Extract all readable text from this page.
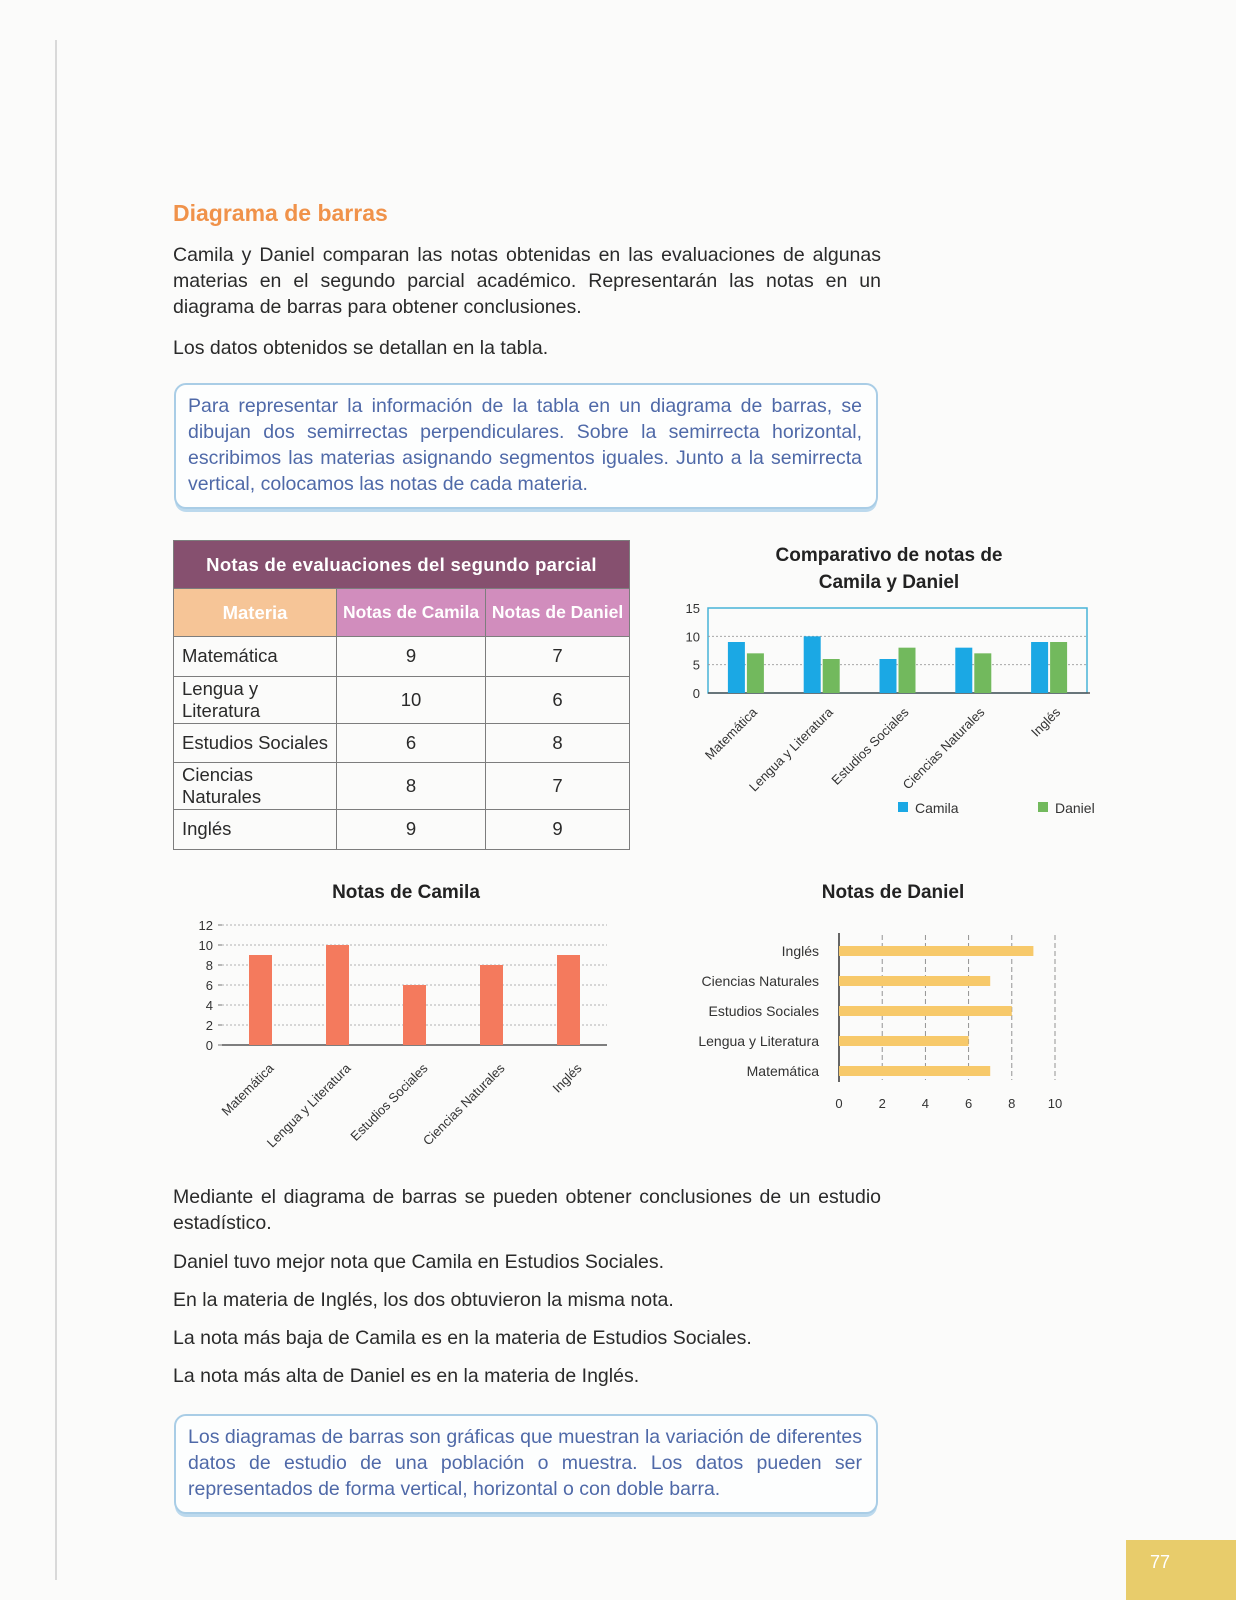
Diagrama de barras

Camila y Daniel comparan las notas obtenidas en las evaluaciones de algunas materias en el segundo parcial académico. Representarán las notas en un diagrama de barras para obtener conclusiones.

Los datos obtenidos se detallan en la tabla.

Para representar la información de la tabla en un diagrama de barras, se dibujan dos semirrectas perpendiculares. Sobre la semirrecta horizontal, escribimos las materias asignando segmentos iguales. Junto a la semirrecta vertical, colocamos las notas de cada materia.

Notas de evaluaciones del segundo parcial		
Materia	Notas de Camila	Notas de Daniel
Matemática	9	7
Lengua y Literatura	10	6
Estudios Sociales	6	8
Ciencias Naturales	8	7
Inglés	9	9
Comparativo de notas de
Camila y Daniel
0
5
10
15
Matemática
Lengua y Literatura
Estudios Sociales
Ciencias Naturales	Inglés
Camila	Daniel
Notas de Camila
0
2
4
6
8
10
12
Matemática
Lengua y Literatura
Estudios Sociales
Ciencias Naturales	Inglés
Notas de Daniel
0	2	4	6	8 10
Inglés
Ciencias Naturales
Estudios Sociales
Lengua y Literatura
Matemática

Mediante el diagrama de barras se pueden obtener conclusiones de un estudio estadístico.

Daniel tuvo mejor nota que Camila en Estudios Sociales.

En la materia de Inglés, los dos obtuvieron la misma nota.

La nota más baja de Camila es en la materia de Estudios Sociales.

La nota más alta de Daniel es en la materia de Inglés.

Los diagramas de barras son gráficas que muestran la variación de diferentes datos de estudio de una población o muestra. Los datos pueden ser representados de forma vertical, horizontal o con doble barra.

77
